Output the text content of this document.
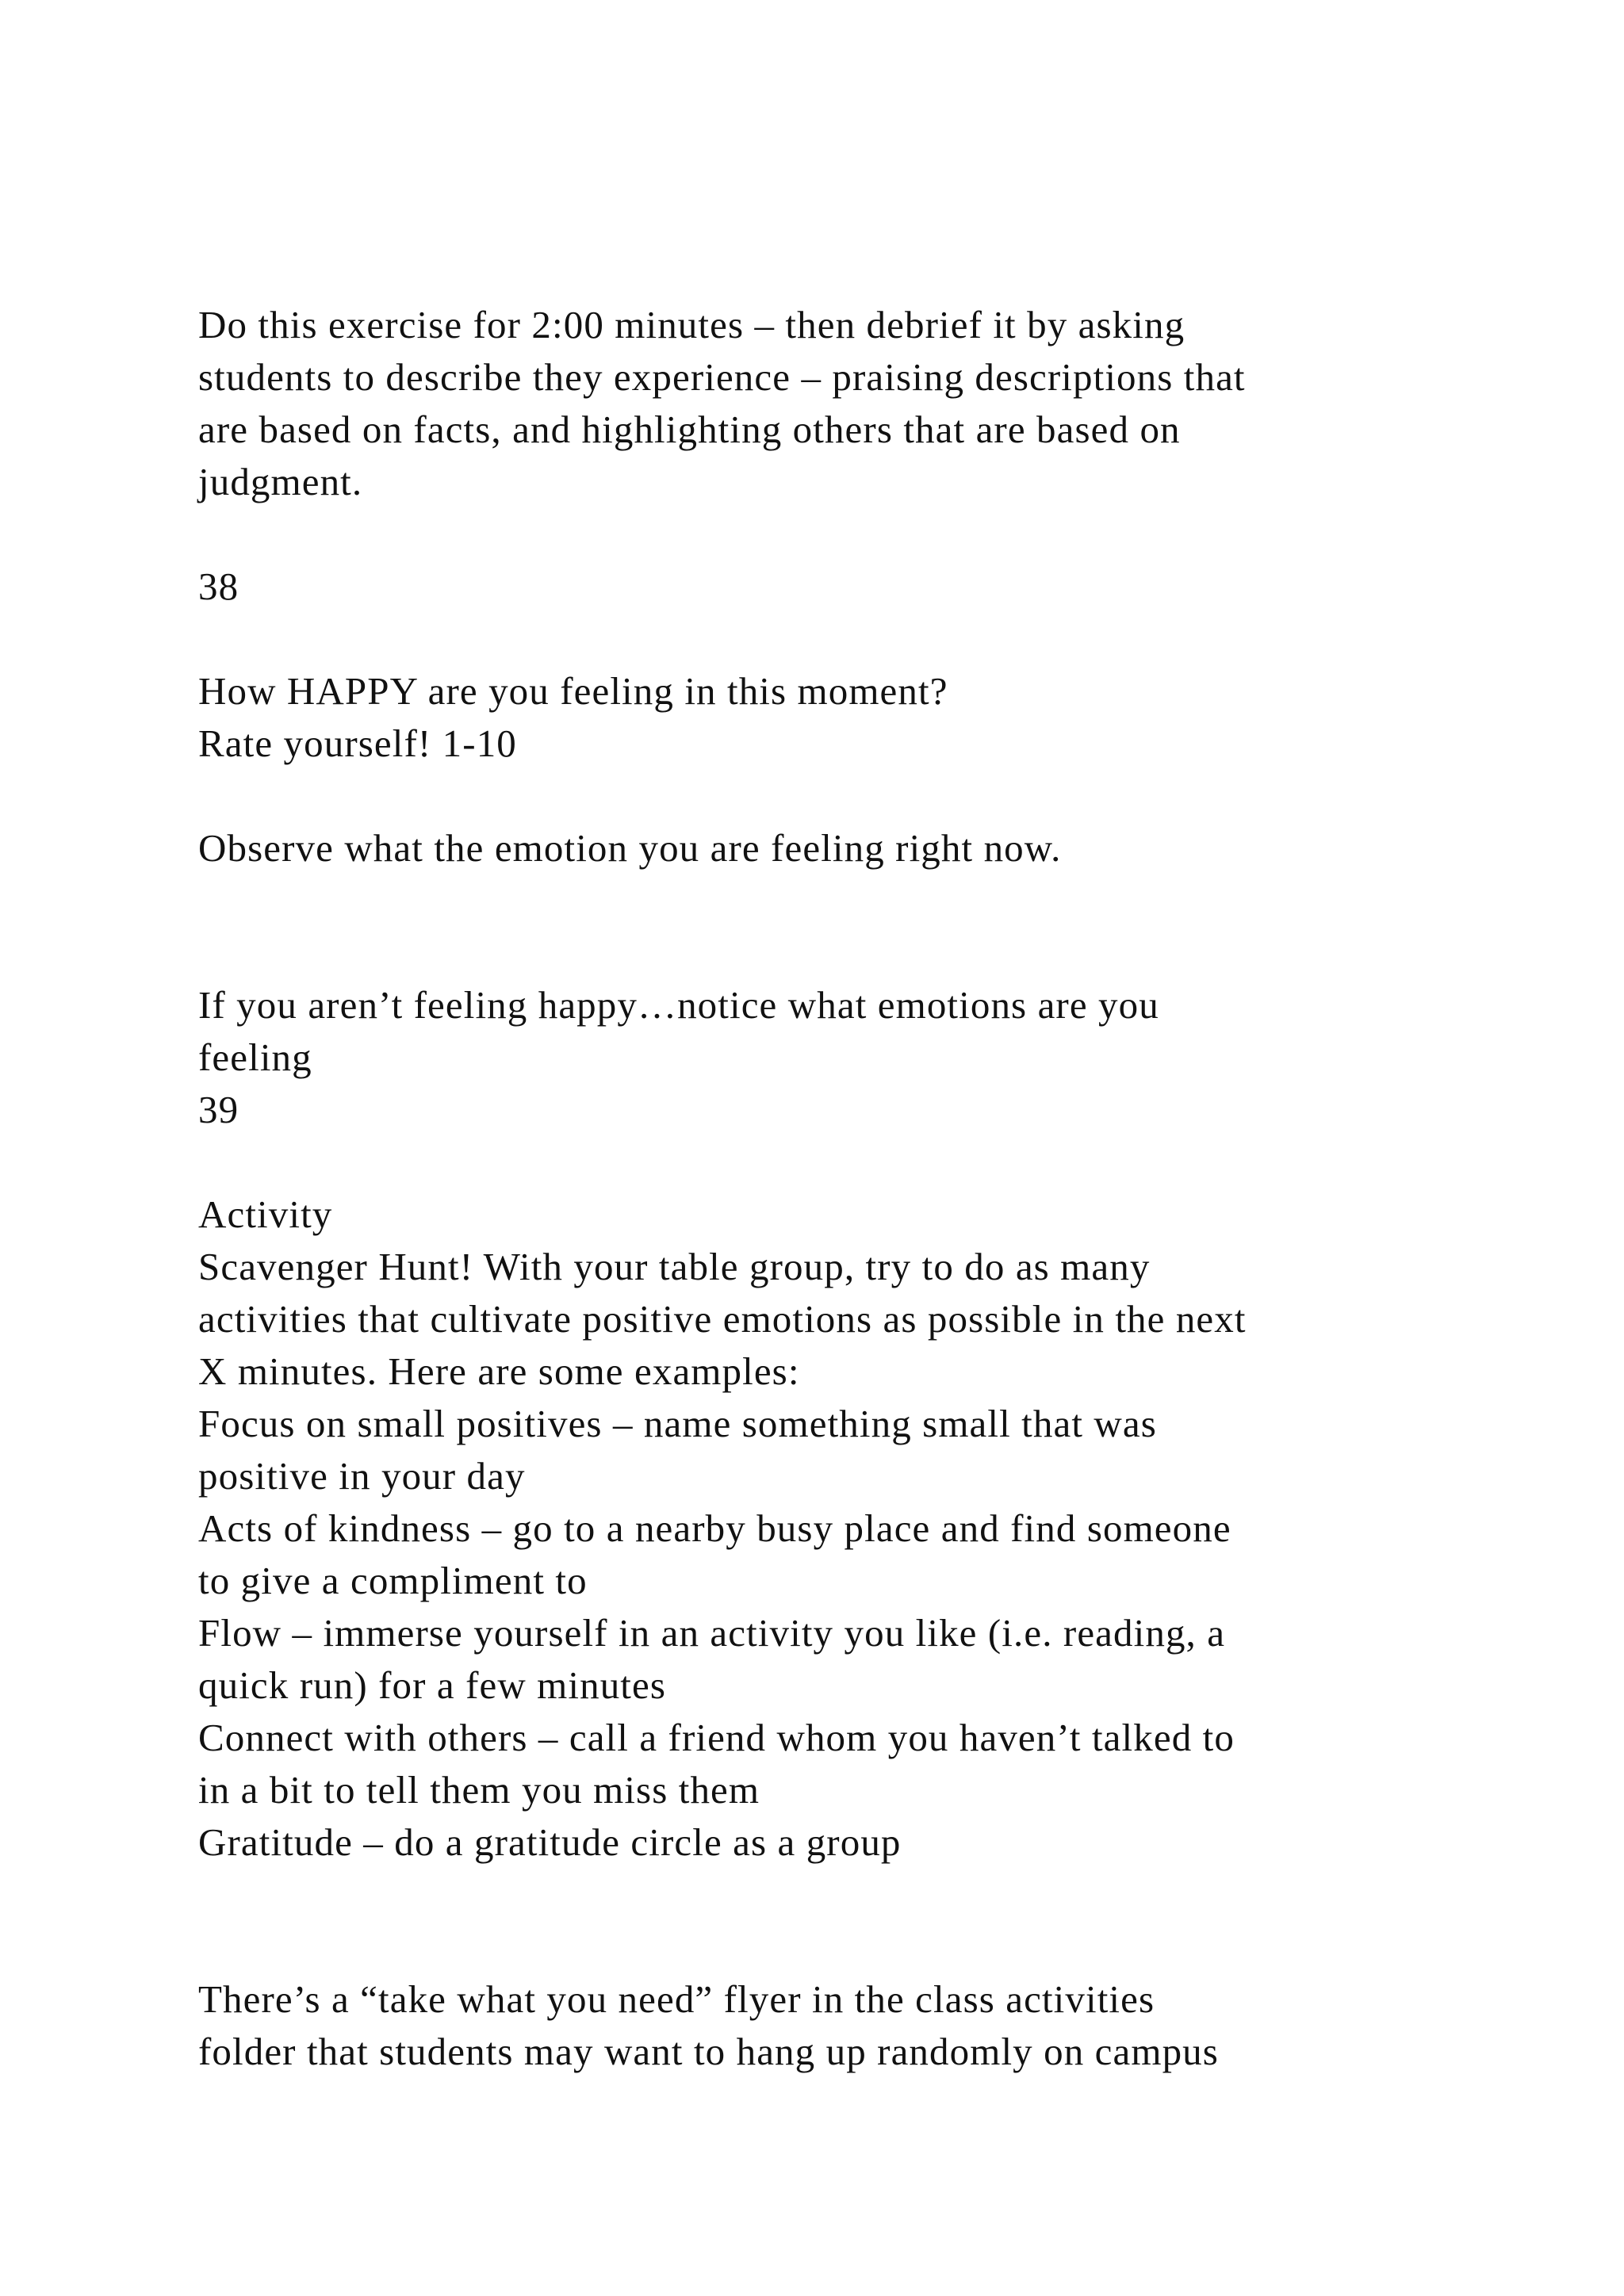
Do this exercise for 2:00 minutes – then debrief it by asking
students to describe they experience – praising descriptions that
are based on facts, and highlighting others that are based on
judgment.
38
How HAPPY are you feeling in this moment?
Rate yourself! 1-10
Observe what the emotion you are feeling right now.
If you aren’t feeling happy…notice what emotions are you
feeling
39
Activity
Scavenger Hunt! With your table group, try to do as many
activities that cultivate positive emotions as possible in the next
X minutes. Here are some examples:
Focus on small positives – name something small that was
positive in your day
Acts of kindness – go to a nearby busy place and find someone
to give a compliment to
Flow – immerse yourself in an activity you like (i.e. reading, a
quick run) for a few minutes
Connect with others – call a friend whom you haven’t talked to
in a bit to tell them you miss them
Gratitude – do a gratitude circle as a group
There’s a “take what you need” flyer in the class activities
folder that students may want to hang up randomly on campus
